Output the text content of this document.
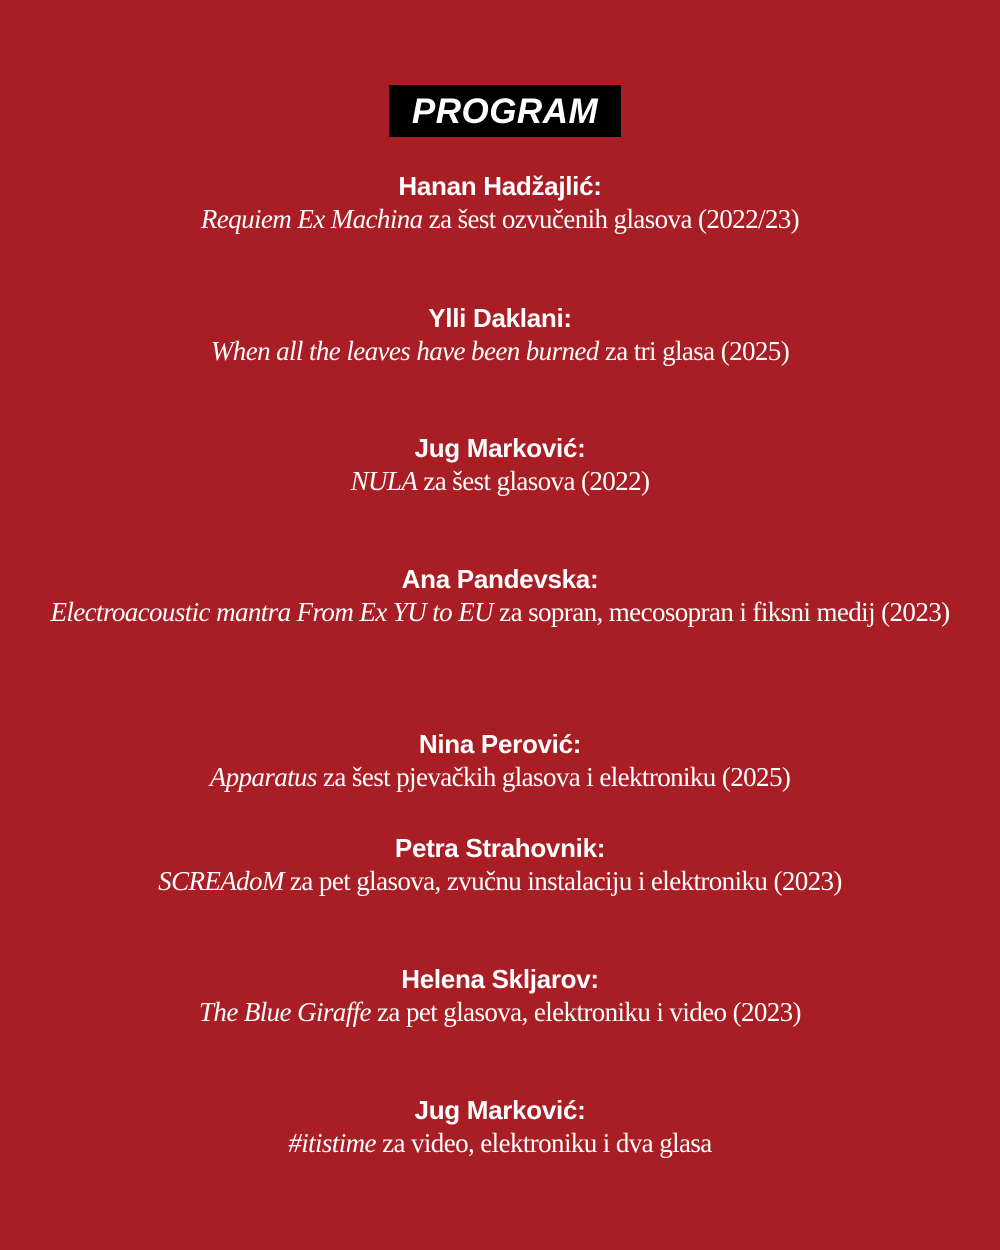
PROGRAM
Hanan Hadžajlić:
Requiem Ex Machina za šest ozvučenih glasova (2022/23)
Ylli Daklani:
When all the leaves have been burned za tri glasa (2025)
Jug Marković:
NULA za šest glasova (2022)
Ana Pandevska:
Electroacoustic mantra From Ex YU to EU za sopran, mecosopran i fiksni medij (2023)
Nina Perović:
Apparatus za šest pjevačkih glasova i elektroniku (2025)
Petra Strahovnik:
SCREAdoM za pet glasova, zvučnu instalaciju i elektroniku (2023)
Helena Skljarov:
The Blue Giraffe za pet glasova, elektroniku i video (2023)
Jug Marković:
#itistime za video, elektroniku i dva glasa
